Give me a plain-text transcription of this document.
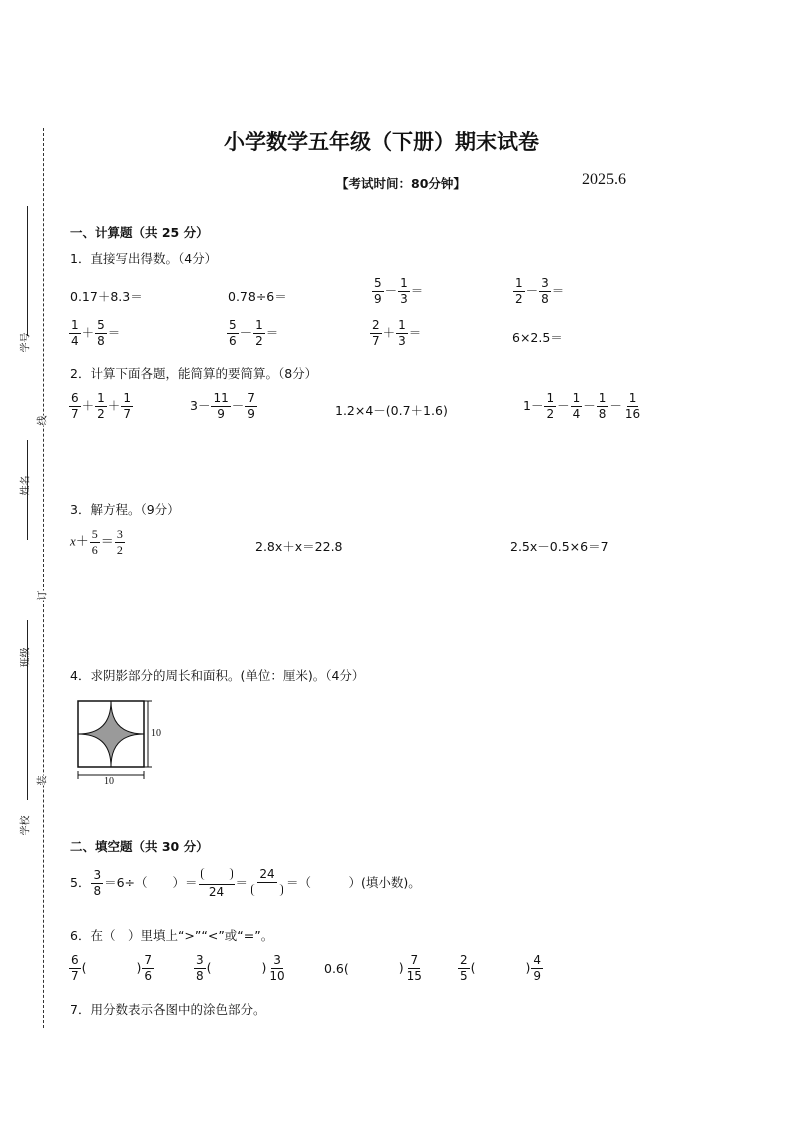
学号
姓名
班级
学校
线
订
装
小学数学五年级（下册）期末试卷
【考试时间：80分钟】	2025.6
一、计算题（共 25 分）
1．直接写出得数。（4分）
0.17＋8.3＝	0.78÷6＝	$\frac{5}{9} - \frac{1}{3}$ ＝	$\frac{1}{2} - \frac{3}{8}$ ＝
$\frac{1}{4} + \frac{5}{8}$ ＝	$\frac{5}{6} - \frac{1}{2}$ ＝	$\frac{2}{7} + \frac{1}{3}$ ＝	6×2.5＝
2．计算下面各题，能简算的要简算。（8分）
$\frac{6}{7} + \frac{1}{2} + \frac{1}{7}$	$3- \frac{11}{9} - \frac{7}{9}$	1.2×4－(0.7＋1.6)	$1- \frac{1}{2} - \frac{1}{4} - \frac{1}{8} - \frac{1}{16}$
3．解方程。（9分）
$x+ \frac{5}{6} = \frac{3}{2}$	2.8x＋x＝22.8	2.5x－0.5×6＝7
4．求阴影部分的周长和面积。(单位：厘米)。（4分）
10
10
二、填空题（共 30 分）
5． $\frac{3}{8} =6\div$（　　）＝
24
＝
24
＝（　　　）(填小数)。
6．在（　）里填上“>”“<”或“=”。
$\frac{6}{7}$ (　　　　) $\frac{7}{6}$	$\frac{3}{8}$ (　　　　) $\frac{3}{10}$	0.6(　　　　) $\frac{7}{15}$	$\frac{2}{5}$ (　　　　) $\frac{4}{9}$
7．用分数表示各图中的涂色部分。
